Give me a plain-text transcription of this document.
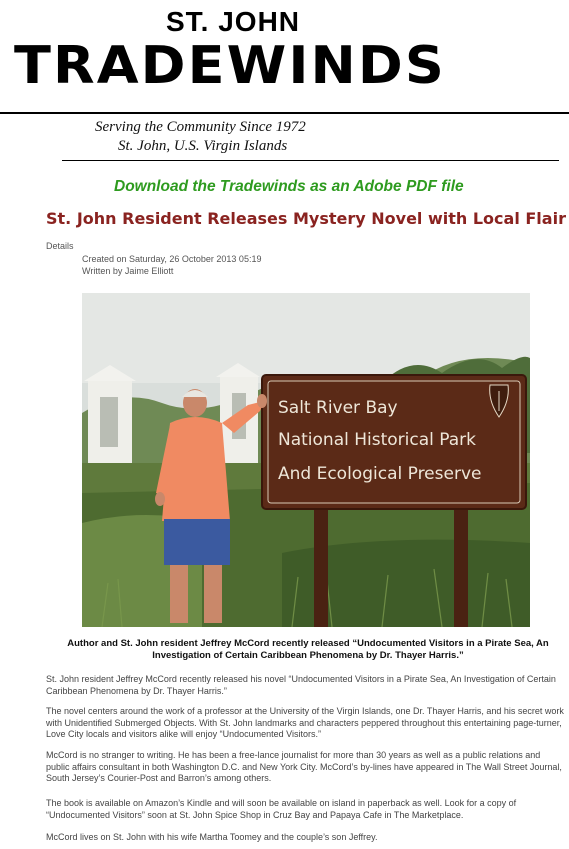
ST. JOHN
TRADEWINDS
Serving the Community Since 1972
St. John, U.S. Virgin Islands
Download the Tradewinds as an Adobe PDF file
St. John Resident Releases Mystery Novel with Local Flair
Details
Created on Saturday, 26 October 2013 05:19
Written by Jaime Elliott
Salt River Bay
National Historical Park
And Ecological Preserve
Author and St. John resident Jeffrey McCord recently released “Undocumented Visitors in a Pirate Sea, An Investigation of Certain Caribbean Phenomena by Dr. Thayer Harris.”
St. John resident Jeffrey McCord recently released his novel “Undocumented Visitors in a Pirate Sea, An Investigation of Certain Caribbean Phenomena by Dr. Thayer Harris.”
The novel centers around the work of a professor at the University of the Virgin Islands, one Dr. Thayer Harris, and his secret work with Unidentified Submerged Objects. With St. John landmarks and characters peppered throughout this entertaining page-turner, Love City locals and visitors alike will enjoy “Undocumented Visitors.”
McCord is no stranger to writing. He has been a free-lance journalist for more than 30 years as well as a public relations and public affairs consultant in both Washington D.C. and New York City. McCord’s by-lines have appeared in The Wall Street Journal, South Jersey’s Courier-Post and Barron’s among others.
The book is available on Amazon’s Kindle and will soon be available on island in paperback as well. Look for a copy of “Undocumented Visitors” soon at St. John Spice Shop in Cruz Bay and Papaya Cafe in The Marketplace.
McCord lives on St. John with his wife Martha Toomey and the couple’s son Jeffrey.
